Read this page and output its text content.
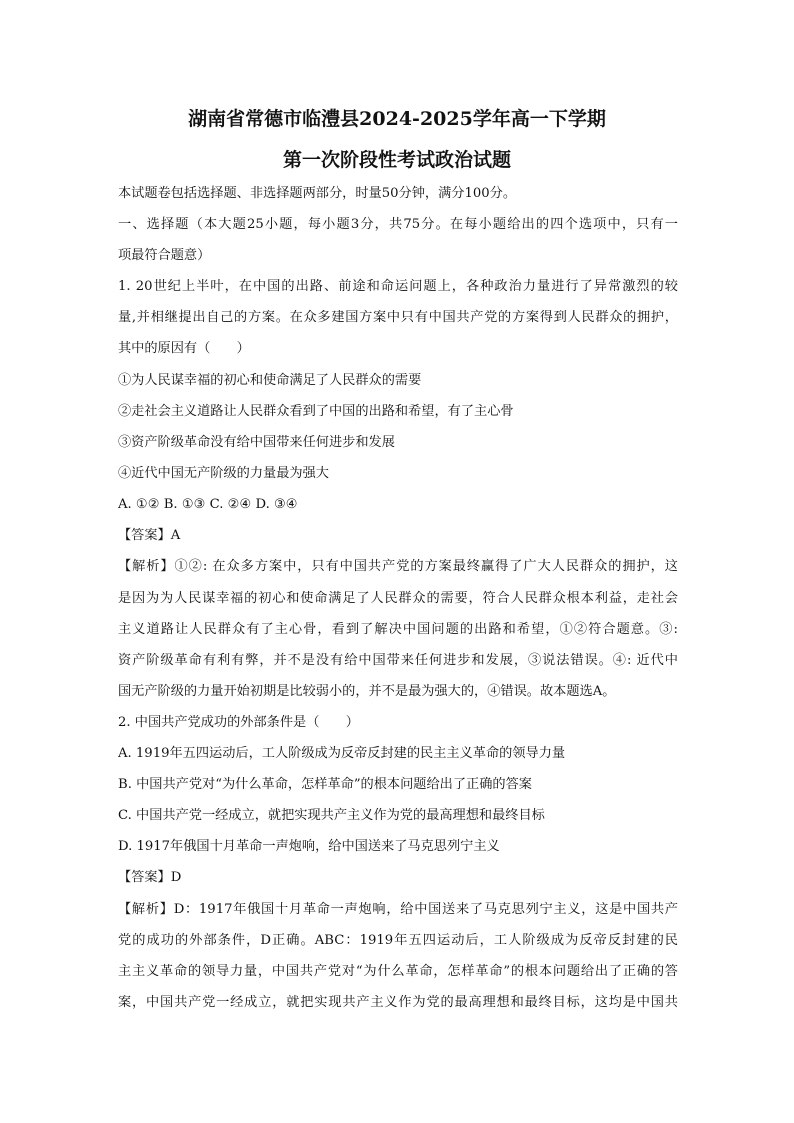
湖南省常德市临澧县2024-2025学年高一下学期
第一次阶段性考试政治试题
本试题卷包括选择题、非选择题两部分，时量50分钟，满分100分。
一、选择题（本大题25小题，每小题3分，共75分。在每小题给出的四个选项中，只有一
项最符合题意）
1. 20世纪上半叶，在中国的出路、前途和命运问题上，各种政治力量进行了异常激烈的较
量,并相继提出自己的方案。在众多建国方案中只有中国共产党的方案得到人民群众的拥护，
其中的原因有（　　）
①为人民谋幸福的初心和使命满足了人民群众的需要
②走社会主义道路让人民群众看到了中国的出路和希望，有了主心骨
③资产阶级革命没有给中国带来任何进步和发展
④近代中国无产阶级的力量最为强大
A. ①② B. ①③ C. ②④ D. ③④
【答案】A
【解析】①②: 在众多方案中，只有中国共产党的方案最终赢得了广大人民群众的拥护，这
是因为为人民谋幸福的初心和使命满足了人民群众的需要，符合人民群众根本利益，走社会
主义道路让人民群众有了主心骨，看到了解决中国问题的出路和希望，①②符合题意。③:
资产阶级革命有利有弊，并不是没有给中国带来任何进步和发展，③说法错误。④: 近代中
国无产阶级的力量开始初期是比较弱小的，并不是最为强大的，④错误。故本题选A。
2. 中国共产党成功的外部条件是（　　）
A. 1919年五四运动后，工人阶级成为反帝反封建的民主主义革命的领导力量
B. 中国共产党对“为什么革命，怎样革命”的根本问题给出了正确的答案
C. 中国共产党一经成立，就把实现共产主义作为党的最高理想和最终目标
D. 1917年俄国十月革命一声炮响，给中国送来了马克思列宁主义
【答案】D
【解析】D：1917年俄国十月革命一声炮响，给中国送来了马克思列宁主义，这是中国共产
党的成功的外部条件，D正确。ABC：1919年五四运动后，工人阶级成为反帝反封建的民
主主义革命的领导力量，中国共产党对“为什么革命，怎样革命”的根本问题给出了正确的答
案，中国共产党一经成立，就把实现共产主义作为党的最高理想和最终目标，这均是中国共
